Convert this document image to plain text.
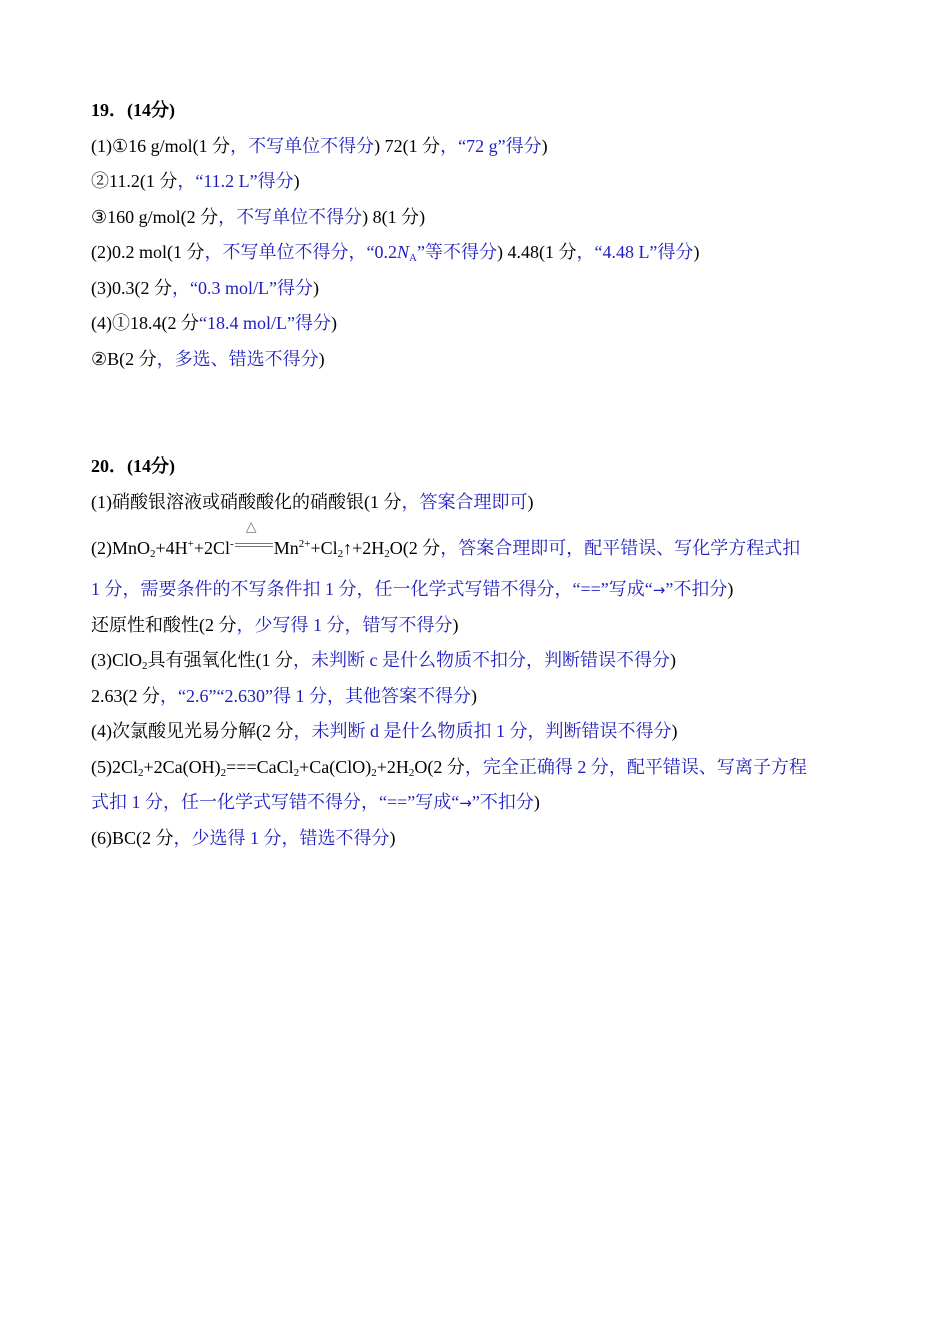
19．(14分)
(1)①16 g/mol(1 分，不写单位不得分) 72(1 分，“72 g”得分)
②11.2(1 分，“11.2 L”得分)
③160 g/mol(2 分，不写单位不得分) 8(1 分)
(2)0.2 mol(1 分，不写单位不得分，“$0.2N_A$”等不得分) 4.48(1 分，“4.48 L”得分)
(3)0.3(2 分，“0.3 mol/L”得分)
(4)①18.4(2 分“18.4 mol/L”得分)
②B(2 分，多选、错选不得分)
20．(14分)
(1)硝酸银溶液或硝酸酸化的硝酸银(1 分，答案合理即可)
(2)MnO$_2$+4H++2Cl-
△
$Mn^{2+}+Cl_2↑+2H_2O(2$ 分，答案合理即可，配平错误、写化学方程式扣
1 分，需要条件的不写条件扣 1 分，任一化学式写错不得分，“==”写成“→”不扣分)
还原性和酸性(2 分，少写得 1 分，错写不得分)
(3)ClO$_2$具有强氧化性(1 分，未判断 c 是什么物质不扣分，判断错误不得分)
2.63(2 分，“2.6”“2.630”得 1 分，其他答案不得分)
(4)次氯酸见光易分解(2 分，未判断 d 是什么物质扣 1 分，判断错误不得分)
$(5)2Cl_2+2Ca(OH)_2===CaCl_2+Ca(ClO)_2+2H_2O(2$ 分，完全正确得 2 分，配平错误、写离子方程
式扣 1 分，任一化学式写错不得分，“==”写成“→”不扣分)
(6)BC(2 分，少选得 1 分，错选不得分)
